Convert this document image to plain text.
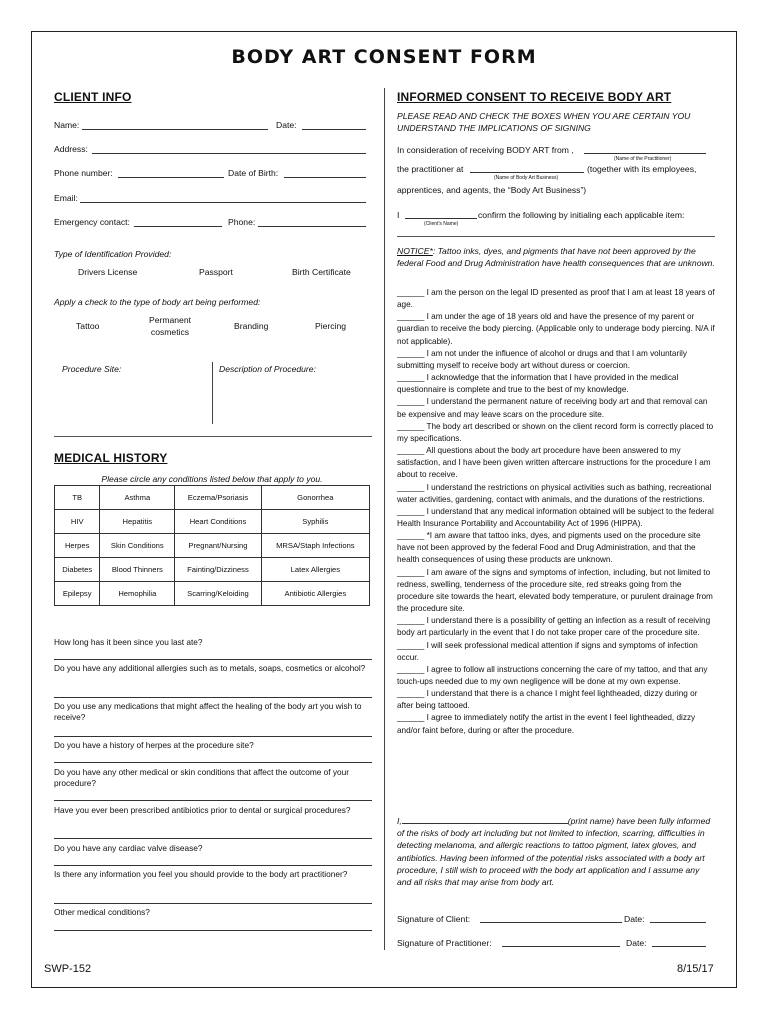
BODY ART CONSENT FORM
CLIENT INFO
Name:	Date:
Address:
Phone number:	Date of Birth:
Email:
Emergency contact:	Phone:
Type of Identification Provided:
Drivers License	Passport	Birth Certificate
Apply a check to the type of body art being performed:
Tattoo
Permanent cosmetics
Branding	Piercing
Procedure Site:	Description of Procedure:
MEDICAL HISTORY
Please circle any conditions listed below that apply to you.
TB	Asthma	Eczema/Psoriasis	Gonorrhea
HIV	Hepatitis	Heart Conditions	Syphilis
Herpes	Skin Conditions	Pregnant/Nursing	MRSA/Staph Infections
Diabetes	Blood Thinners	Fainting/Dizziness	Latex Allergies
Epilepsy	Hemophilia	Scarring/Keloiding	Antibiotic Allergies
How long has it been since you last ate?
Do you have any additional allergies such as to metals, soaps, cosmetics or alcohol?
Do you use any medications that might affect the healing of the body art you wish to receive?
Do you have a history of herpes at the procedure site?
Do you have any other medical or skin conditions that affect the outcome of your procedure?
Have you ever been prescribed antibiotics prior to dental or surgical procedures?
Do you have any cardiac valve disease?
Is there any information you feel you should provide to the body art practitioner?
Other medical conditions?
INFORMED CONSENT TO RECEIVE BODY ART
PLEASE READ AND CHECK THE BOXES WHEN YOU ARE CERTAIN YOU UNDERSTAND THE IMPLICATIONS OF SIGNING
In consideration of receiving BODY ART from ,
(Name of the Practitioner)
the practitioner at	(together with its employees,
(Name of Body Art Business)
apprentices, and agents, the “Body Art Business”)
I	confirm the following by initialing each applicable item:
(Client's Name)
NOTICE*: Tattoo inks, dyes, and pigments that have not been approved by the federal Food and Drug Administration have health consequences that are unknown.
______ I am the person on the legal ID presented as proof that I am at least 18 years of age.
______ I am under the age of 18 years old and have the presence of my parent or guardian to receive the body piercing. (Applicable only to underage body piercing. N/A if not applicable).
______ I am not under the influence of alcohol or drugs and that I am voluntarily submitting myself to receive body art without duress or coercion.
______ I acknowledge that the information that I have provided in the medical questionnaire is complete and true to the best of my knowledge.
______ I understand the permanent nature of receiving body art and that removal can be expensive and may leave scars on the procedure site.
______ The body art described or shown on the client record form is correctly placed to my specifications.
______ All questions about the body art procedure have been answered to my satisfaction, and I have been given written aftercare instructions for the procedure I am about to receive.
______ I understand the restrictions on physical activities such as bathing, recreational water activities, gardening, contact with animals, and the durations of the restrictions.
______ I understand that any medical information obtained will be subject to the federal Health Insurance Portability and Accountability Act of 1996 (HIPPA).
______ *I am aware that tattoo inks, dyes, and pigments used on the procedure site have not been approved by the federal Food and Drug Administration, and that the health consequences of using these products are unknown.
______ I am aware of the signs and symptoms of infection, including, but not limited to redness, swelling, tenderness of the procedure site, red streaks going from the procedure site towards the heart, elevated body temperature, or purulent drainage from the procedure site.
______ I understand there is a possibility of getting an infection as a result of receiving body art particularly in the event that I do not take proper care of the procedure site.
______ I will seek professional medical attention if signs and symptoms of infection occur.
______ I agree to follow all instructions concerning the care of my tattoo, and that any touch-ups needed due to my own negligence will be done at my own expense.
______ I understand that there is a chance I might feel lightheaded, dizzy during or after being tattooed.
______ I agree to immediately notify the artist in the event I feel lightheaded, dizzy and/or faint before, during or after the procedure.
I,	(print name) have been fully informed of the risks of body art including but not limited to infection, scarring, difficulties in detecting melanoma, and allergic reactions to tattoo pigment, latex gloves, and antibiotics. Having been informed of the potential risks associated with a body art procedure, I still wish to proceed with the body art application and I assume any and all risks that may arise from body art.
Signature of Client:	Date:
Signature of Practitioner:	Date:
SWP-152	8/15/17
